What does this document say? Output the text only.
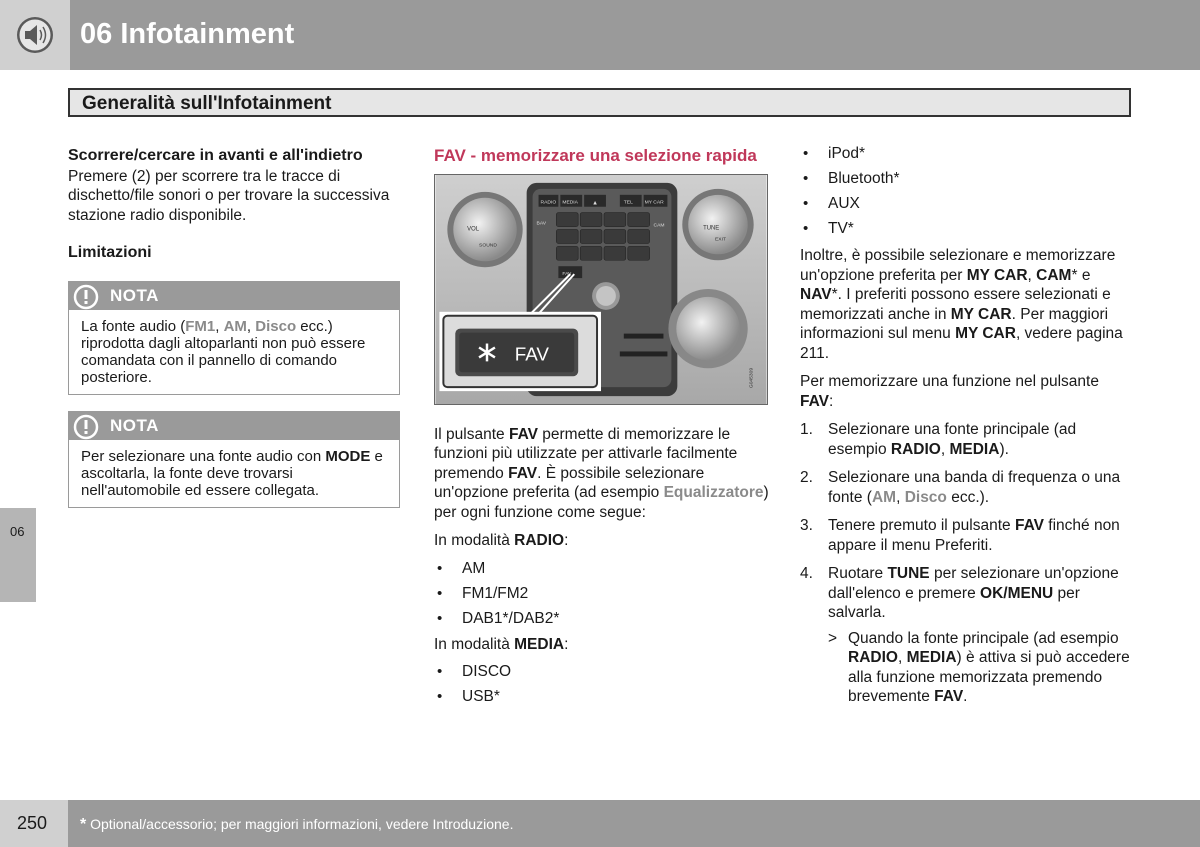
06 Infotainment
Generalità sull'Infotainment
06
Scorrere/cercare in avanti e all'indietro

Premere (2) per scorrere tra le tracce di dischetto/file sonori o per trovare la successiva stazione radio disponibile.

Limitazioni
NOTA
La fonte audio (FM1, AM, Disco ecc.) riprodotta dagli altoparlanti non può essere comandata con il pannello di comando posteriore.
NOTA
Per selezionare una fonte audio con MODE e ascoltarla, la fonte deve trovarsi nell'automobile ed essere collegata.
FAV - memorizzare una selezione rapida
VOL
SOUND
TUNE
EXIT
RADIO MEDIA ▲	TEL MY CAR
BAV	CAM
FAV
FAV
G045309

Il pulsante FAV permette di memorizzare le funzioni più utilizzate per attivarle facilmente premendo FAV. È possibile selezionare un'opzione preferita (ad esempio Equalizzatore) per ogni funzione come segue:

In modalità RADIO:

• AM
• FM1/FM2
• DAB1*/DAB2*

In modalità MEDIA:

• DISCO
• USB*
• iPod*
• Bluetooth*
• AUX
• TV*

Inoltre, è possibile selezionare e memorizzare un'opzione preferita per MY CAR, CAM* e NAV*. I preferiti possono essere selezionati e memorizzati anche in MY CAR. Per maggiori informazioni sul menu MY CAR, vedere pagina 211.

Per memorizzare una funzione nel pulsante FAV:

1. Selezionare una fonte principale (ad esempio RADIO, MEDIA).
2. Selezionare una banda di frequenza o una fonte (AM, Disco ecc.).
3. Tenere premuto il pulsante FAV finché non appare il menu Preferiti.
4. Ruotare TUNE per selezionare un'opzione dall'elenco e premere OK/MENU per salvarla.
> Quando la fonte principale (ad esempio RADIO, MEDIA) è attiva si può accedere alla funzione memorizzata premendo brevemente FAV.
250 * Optional/accessorio; per maggiori informazioni, vedere Introduzione.
